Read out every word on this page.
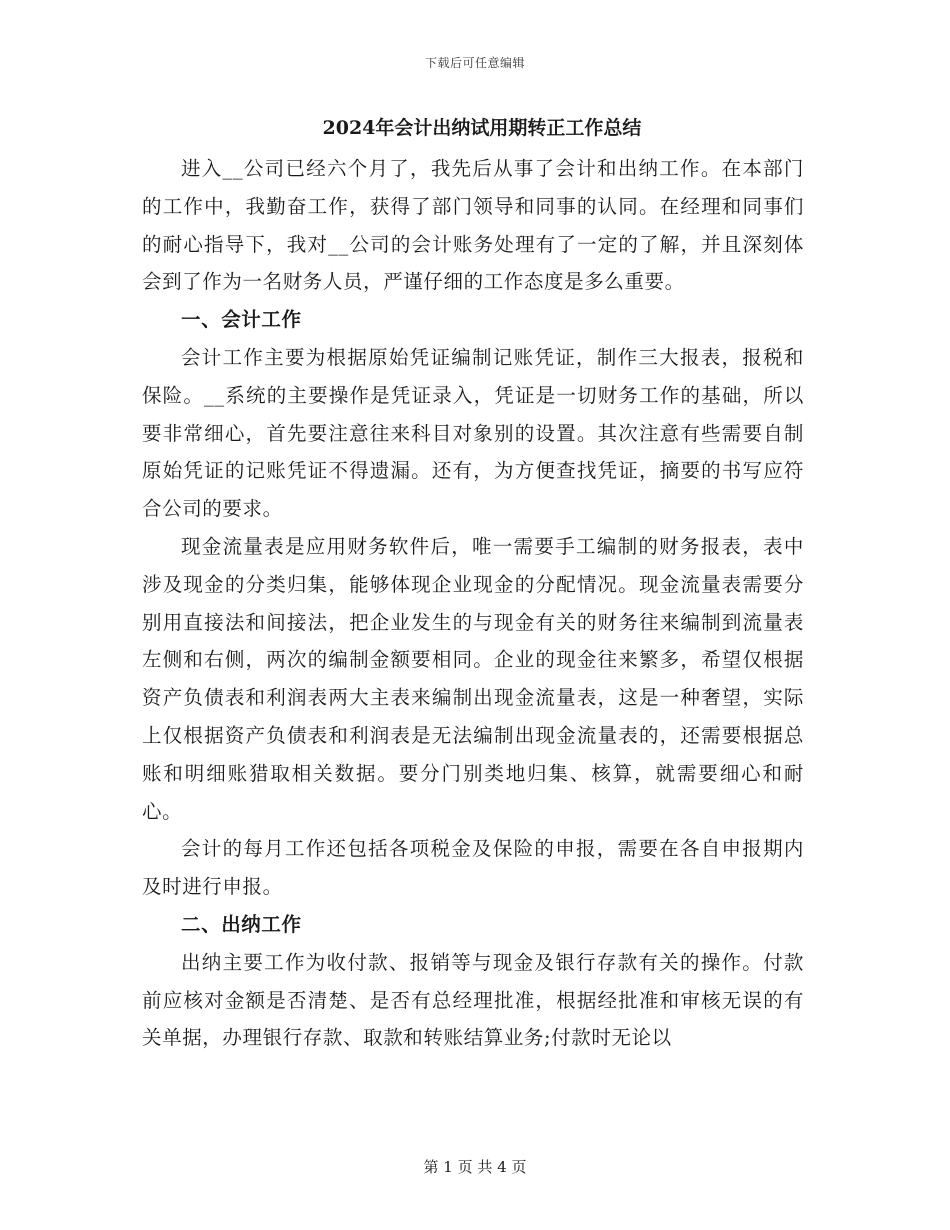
下载后可任意编辑
2024年会计出纳试用期转正工作总结

进入__公司已经六个月了，我先后从事了会计和出纳工作。在本部门的工作中，我勤奋工作，获得了部门领导和同事的认同。在经理和同事们的耐心指导下，我对__公司的会计账务处理有了一定的了解，并且深刻体会到了作为一名财务人员，严谨仔细的工作态度是多么重要。

一、会计工作

会计工作主要为根据原始凭证编制记账凭证，制作三大报表，报税和保险。__系统的主要操作是凭证录入，凭证是一切财务工作的基础，所以要非常细心，首先要注意往来科目对象别的设置。其次注意有些需要自制原始凭证的记账凭证不得遗漏。还有，为方便查找凭证，摘要的书写应符合公司的要求。

现金流量表是应用财务软件后，唯一需要手工编制的财务报表，表中涉及现金的分类归集，能够体现企业现金的分配情况。现金流量表需要分别用直接法和间接法，把企业发生的与现金有关的财务往来编制到流量表左侧和右侧，两次的编制金额要相同。企业的现金往来繁多，希望仅根据资产负债表和利润表两大主表来编制出现金流量表，这是一种奢望，实际上仅根据资产负债表和利润表是无法编制出现金流量表的，还需要根据总账和明细账猎取相关数据。要分门别类地归集、核算，就需要细心和耐心。

会计的每月工作还包括各项税金及保险的申报，需要在各自申报期内及时进行申报。

二、出纳工作

出纳主要工作为收付款、报销等与现金及银行存款有关的操作。付款前应核对金额是否清楚、是否有总经理批准，根据经批准和审核无误的有关单据，办理银行存款、取款和转账结算业务;付款时无论以

第 1 页 共 4 页
